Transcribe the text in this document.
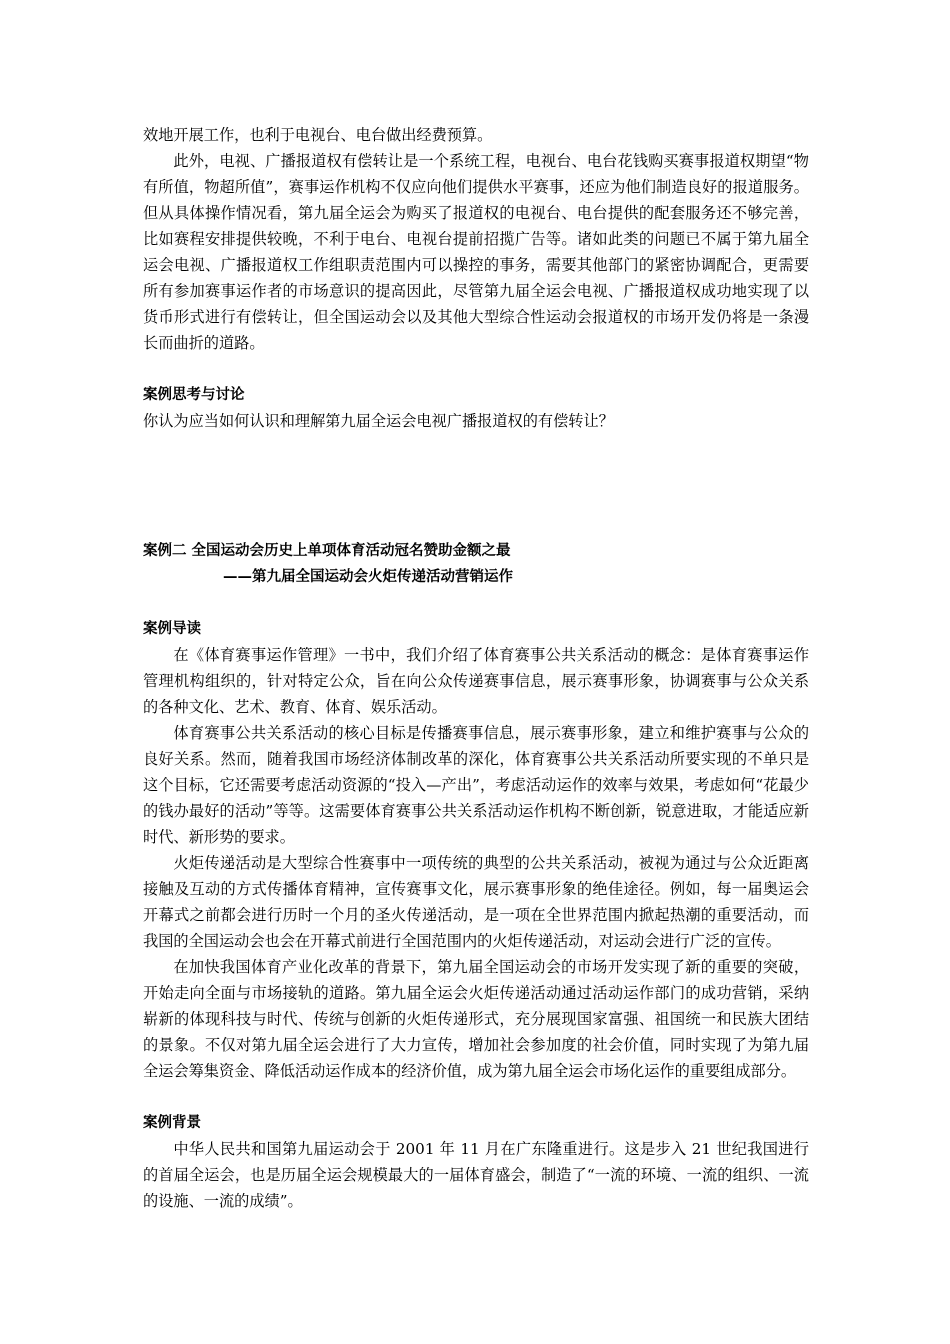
效地开展工作，也利于电视台、电台做出经费预算。

此外，电视、广播报道权有偿转让是一个系统工程，电视台、电台花钱购买赛事报道权期望“物有所值，物超所值”，赛事运作机构不仅应向他们提供水平赛事，还应为他们制造良好的报道服务。但从具体操作情况看，第九届全运会为购买了报道权的电视台、电台提供的配套服务还不够完善，比如赛程安排提供较晚，不利于电台、电视台提前招揽广告等。诸如此类的问题已不属于第九届全运会电视、广播报道权工作组职责范围内可以操控的事务，需要其他部门的紧密协调配合，更需要所有参加赛事运作者的市场意识的提高因此，尽管第九届全运会电视、广播报道权成功地实现了以货币形式进行有偿转让，但全国运动会以及其他大型综合性运动会报道权的市场开发仍将是一条漫长而曲折的道路。

案例思考与讨论

你认为应当如何认识和理解第九届全运会电视广播报道权的有偿转让？

案例二 全国运动会历史上单项体育活动冠名赞助金额之最

——第九届全国运动会火炬传递活动营销运作

案例导读

在《体育赛事运作管理》一书中，我们介绍了体育赛事公共关系活动的概念：是体育赛事运作管理机构组织的，针对特定公众，旨在向公众传递赛事信息，展示赛事形象，协调赛事与公众关系的各种文化、艺术、教育、体育、娱乐活动。

体育赛事公共关系活动的核心目标是传播赛事信息，展示赛事形象，建立和维护赛事与公众的良好关系。然而，随着我国市场经济体制改革的深化，体育赛事公共关系活动所要实现的不单只是这个目标，它还需要考虑活动资源的“投入—产出”，考虑活动运作的效率与效果，考虑如何“花最少的钱办最好的活动”等等。这需要体育赛事公共关系活动运作机构不断创新，锐意进取，才能适应新时代、新形势的要求。

火炬传递活动是大型综合性赛事中一项传统的典型的公共关系活动，被视为通过与公众近距离接触及互动的方式传播体育精神，宣传赛事文化，展示赛事形象的绝佳途径。例如，每一届奥运会开幕式之前都会进行历时一个月的圣火传递活动，是一项在全世界范围内掀起热潮的重要活动，而我国的全国运动会也会在开幕式前进行全国范围内的火炬传递活动，对运动会进行广泛的宣传。

在加快我国体育产业化改革的背景下，第九届全国运动会的市场开发实现了新的重要的突破，开始走向全面与市场接轨的道路。第九届全运会火炬传递活动通过活动运作部门的成功营销，采纳崭新的体现科技与时代、传统与创新的火炬传递形式，充分展现国家富强、祖国统一和民族大团结的景象。不仅对第九届全运会进行了大力宣传，增加社会参加度的社会价值，同时实现了为第九届全运会筹集资金、降低活动运作成本的经济价值，成为第九届全运会市场化运作的重要组成部分。

案例背景

中华人民共和国第九届运动会于 2001 年 11 月在广东隆重进行。这是步入 21 世纪我国进行的首届全运会，也是历届全运会规模最大的一届体育盛会，制造了“一流的环境、一流的组织、一流的设施、一流的成绩”。
